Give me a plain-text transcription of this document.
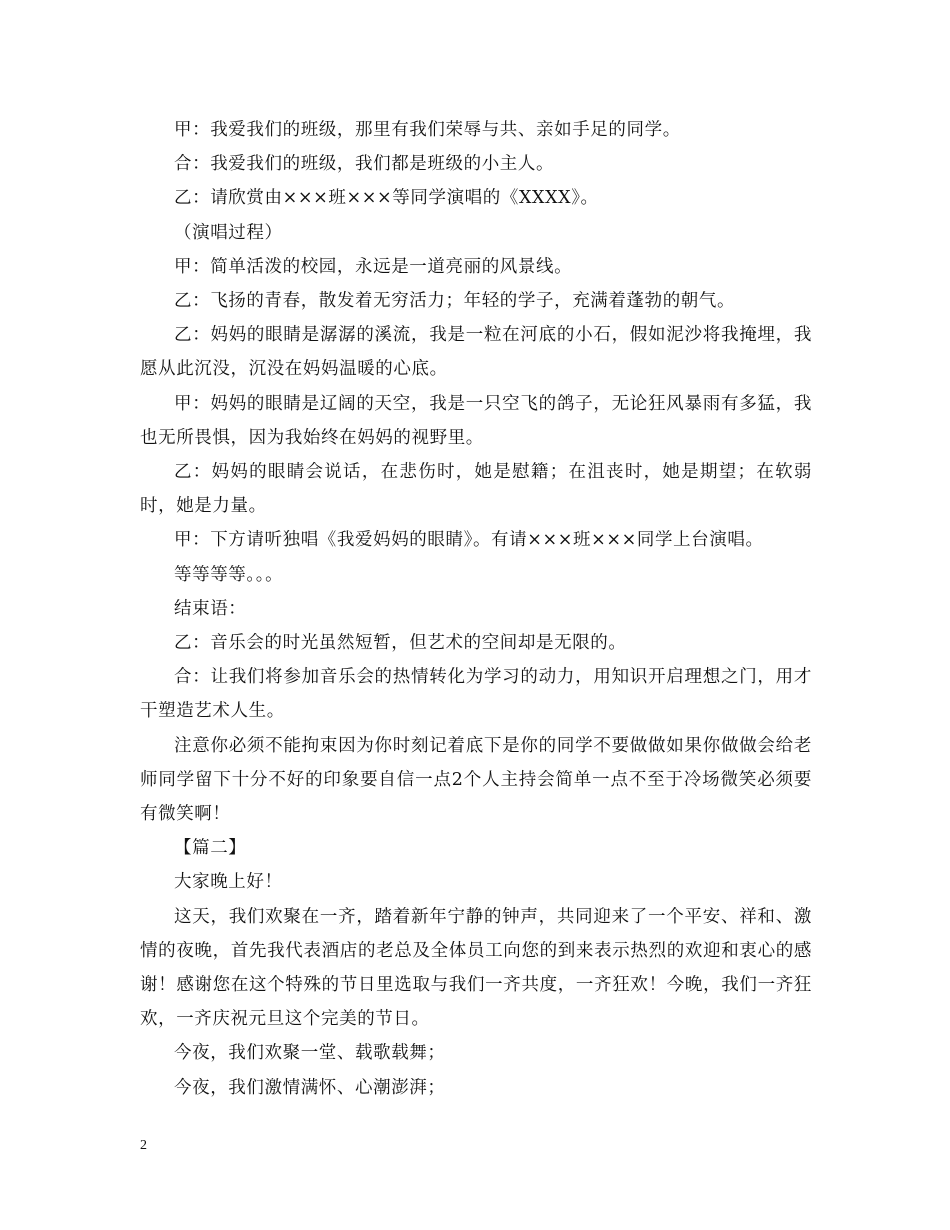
甲：我爱我们的班级，那里有我们荣辱与共、亲如手足的同学。

合：我爱我们的班级，我们都是班级的小主人。

乙：请欣赏由×××班×××等同学演唱的《XXXX》。

（演唱过程）

甲：简单活泼的校园，永远是一道亮丽的风景线。

乙：飞扬的青春，散发着无穷活力；年轻的学子，充满着蓬勃的朝气。

乙：妈妈的眼睛是潺潺的溪流，我是一粒在河底的小石，假如泥沙将我掩埋，我愿从此沉没，沉没在妈妈温暖的心底。

甲：妈妈的眼睛是辽阔的天空，我是一只空飞的鸽子，无论狂风暴雨有多猛，我也无所畏惧，因为我始终在妈妈的视野里。

乙：妈妈的眼睛会说话，在悲伤时，她是慰籍；在沮丧时，她是期望；在软弱时，她是力量。

甲：下方请听独唱《我爱妈妈的眼睛》。有请×××班×××同学上台演唱。

等等等等。。。

结束语：

乙：音乐会的时光虽然短暂，但艺术的空间却是无限的。

合：让我们将参加音乐会的热情转化为学习的动力，用知识开启理想之门，用才干塑造艺术人生。

注意你必须不能拘束因为你时刻记着底下是你的同学不要做做如果你做做会给老师同学留下十分不好的印象要自信一点2个人主持会简单一点不至于冷场微笑必须要有微笑啊！

【篇二】

大家晚上好！

这天，我们欢聚在一齐，踏着新年宁静的钟声，共同迎来了一个平安、祥和、激情的夜晚，首先我代表酒店的老总及全体员工向您的到来表示热烈的欢迎和衷心的感谢！感谢您在这个特殊的节日里选取与我们一齐共度，一齐狂欢！今晚，我们一齐狂欢，一齐庆祝元旦这个完美的节日。

今夜，我们欢聚一堂、载歌载舞；

今夜，我们激情满怀、心潮澎湃；

2
